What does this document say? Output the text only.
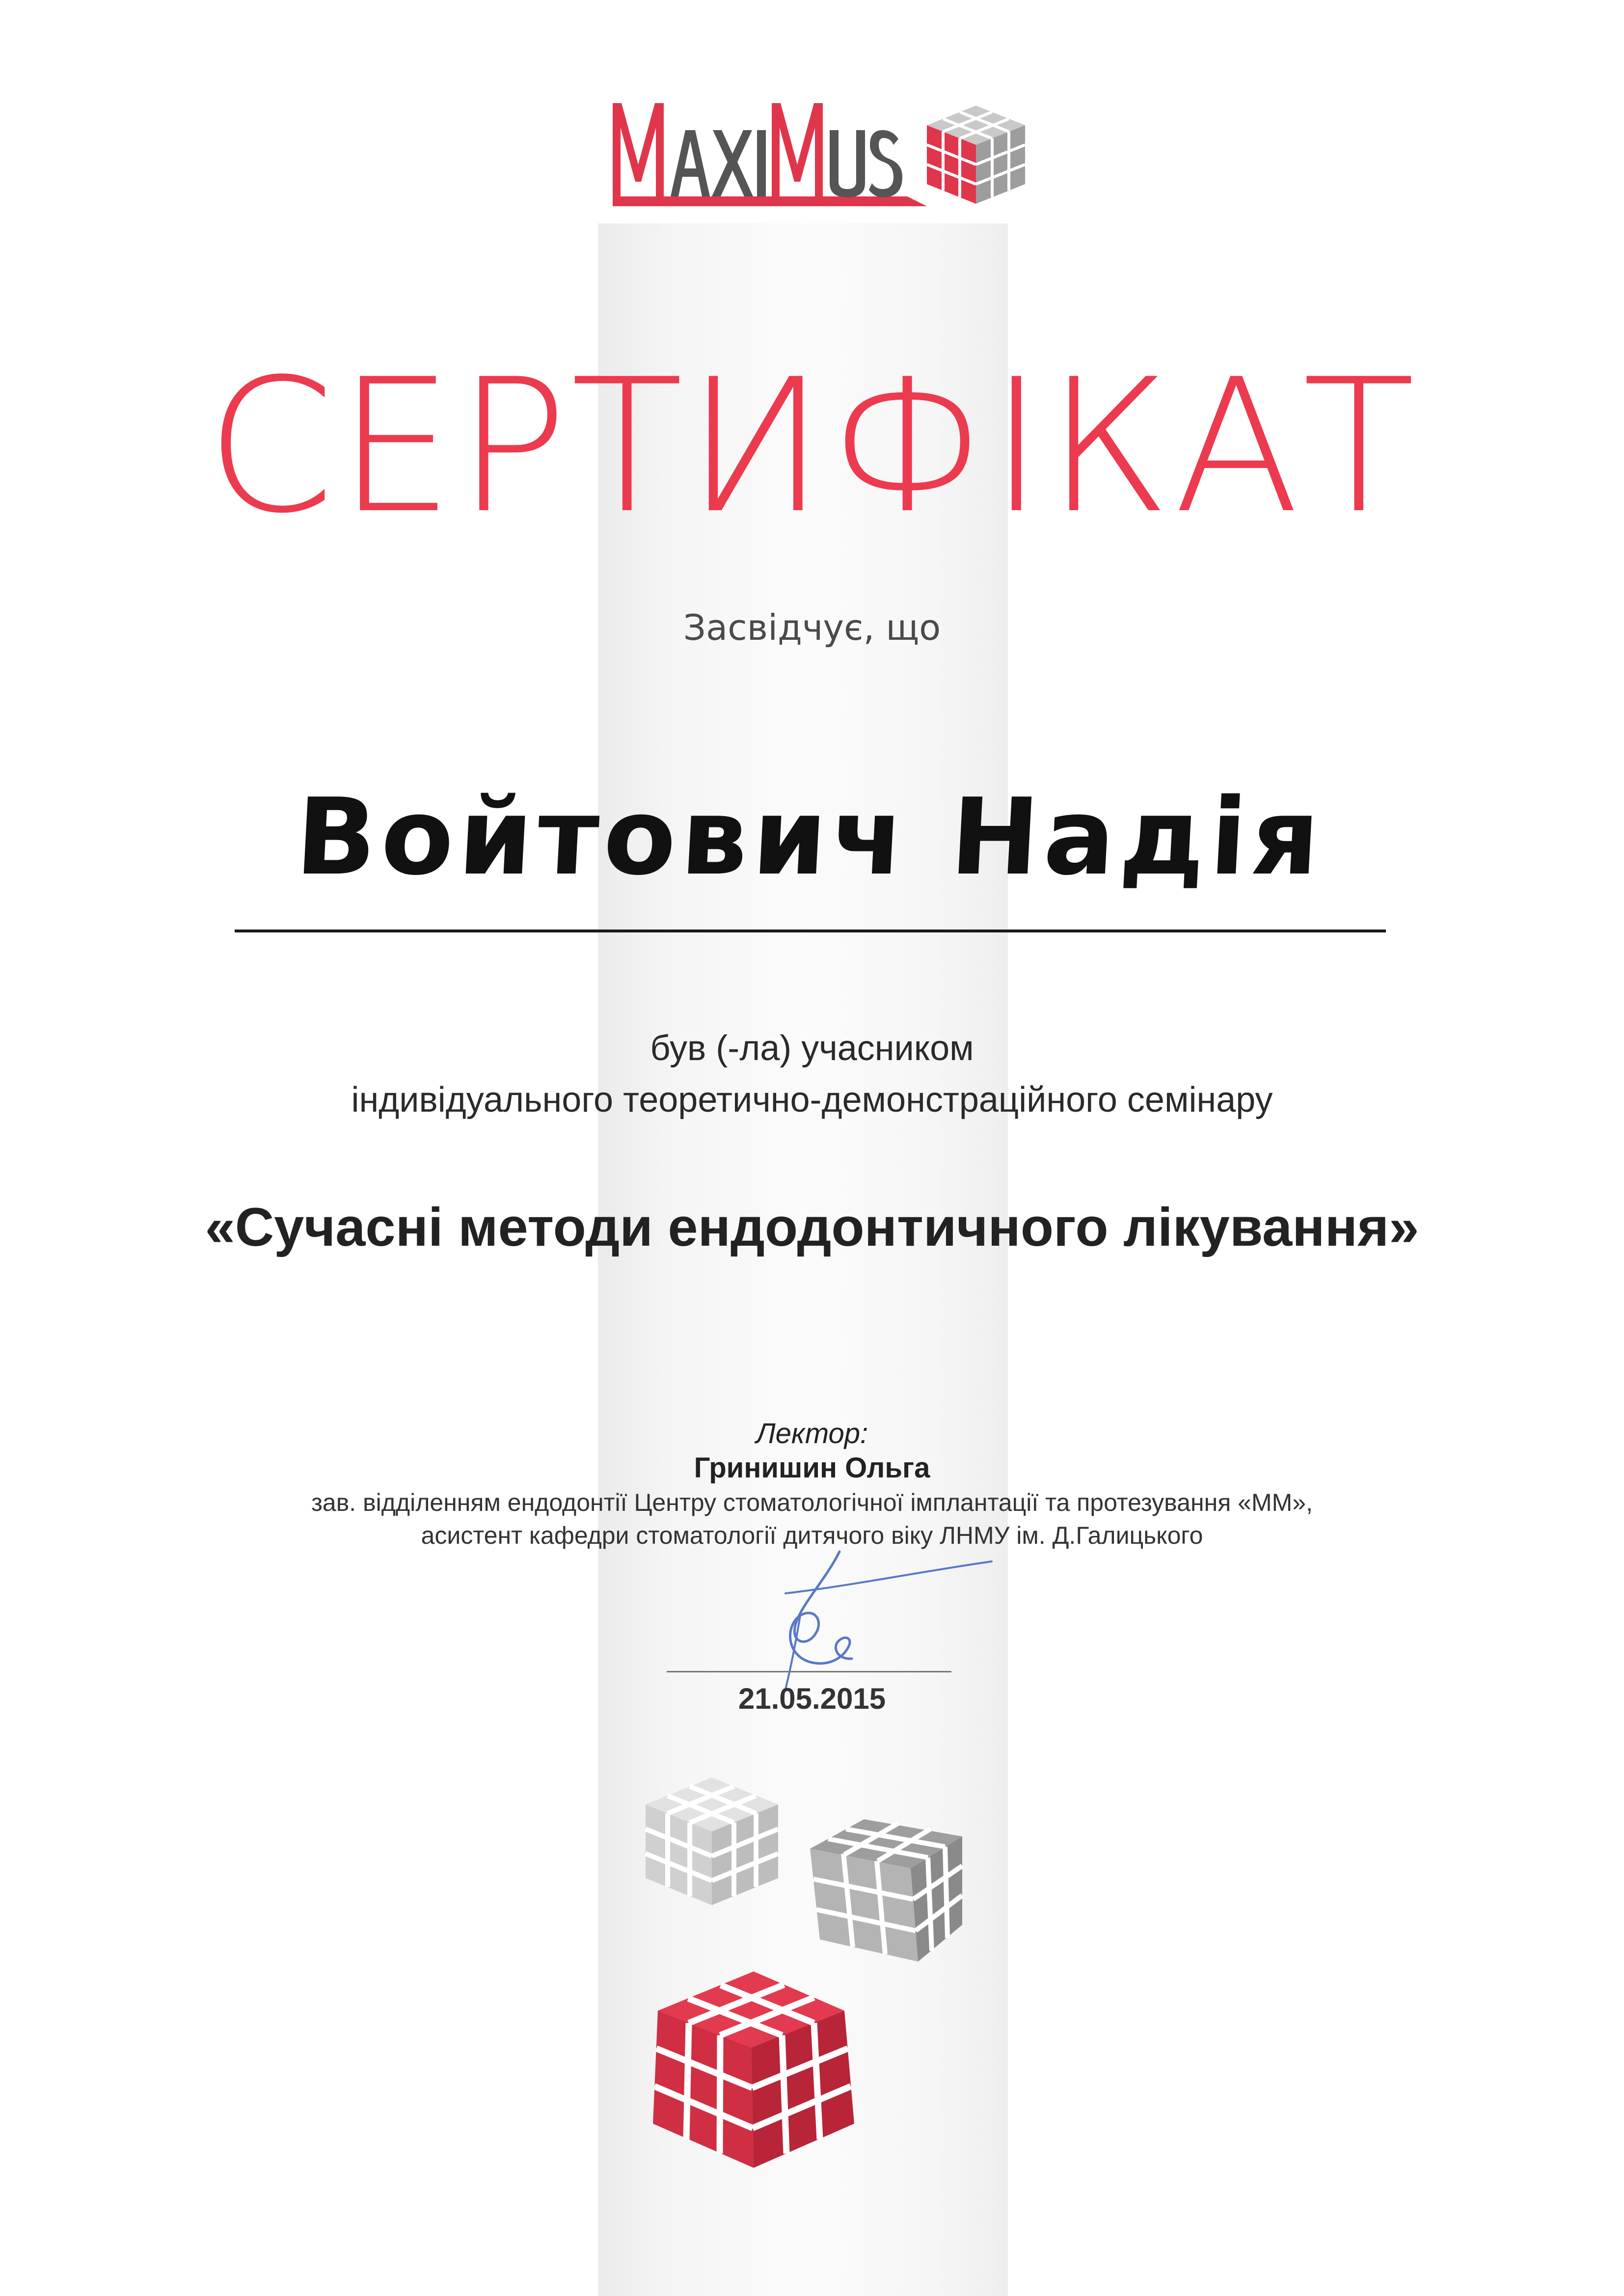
СЕРТИФІКАТ
Засвідчує, що
Войтович Надія
був (-ла) учасником
індивідуального теоретично-демонстраційного семінару
«Сучасні методи ендодонтичного лікування»
Лектор:
Гринишин Ольга
зав. відділенням ендодонтії Центру стоматологічної імплантації та протезування «ММ»,
асистент кафедри стоматології дитячого віку ЛНМУ ім. Д.Галицького
21.05.2015
